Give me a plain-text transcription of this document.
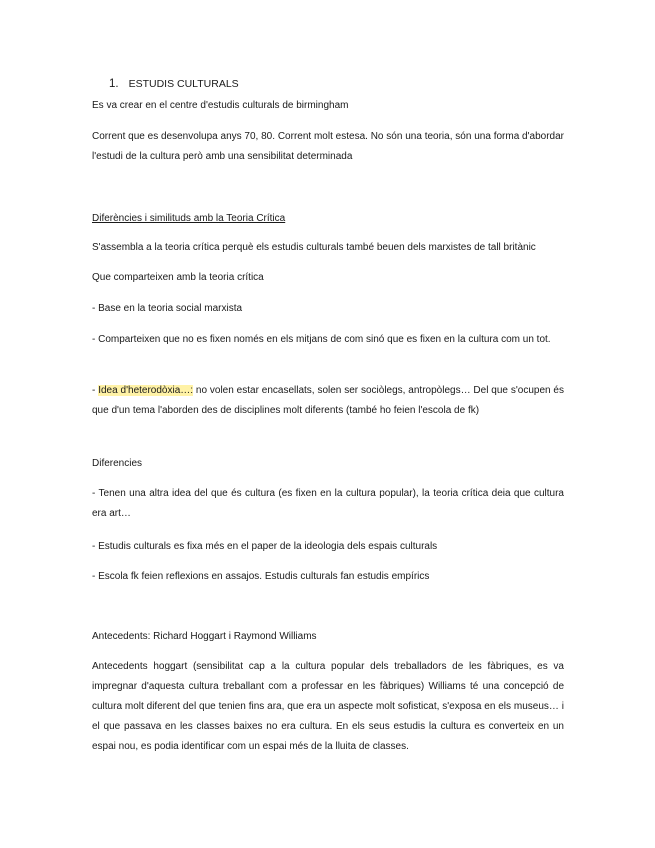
1. ESTUDIS CULTURALS

Es va crear en el centre d'estudis culturals de birmingham

Corrent que es desenvolupa anys 70, 80. Corrent molt estesa. No són una teoria, són una forma d'abordar l'estudi de la cultura però amb una sensibilitat determinada

Diferències i similituds amb la Teoria Crítica

S'assembla a la teoria crítica perquè els estudis culturals també beuen dels marxistes de tall britànic

Que comparteixen amb la teoria crítica

- Base en la teoria social marxista

- Comparteixen que no es fixen només en els mitjans de com sinó que es fixen en la cultura com un tot.

- Idea d'heterodòxia…: no volen estar encasellats, solen ser sociòlegs, antropòlegs… Del que s'ocupen és que d'un tema l'aborden des de disciplines molt diferents (també ho feien l'escola de fk)

Diferencies

- Tenen una altra idea del que és cultura (es fixen en la cultura popular), la teoria crítica deia que cultura era art…

- Estudis culturals es fixa més en el paper de la ideologia dels espais culturals

- Escola fk feien reflexions en assajos. Estudis culturals fan estudis empírics

Antecedents: Richard Hoggart i Raymond Williams

Antecedents hoggart (sensibilitat cap a la cultura popular dels treballadors de les fàbriques, es va impregnar d'aquesta cultura treballant com a professar en les fàbriques) Williams té una concepció de cultura molt diferent del que tenien fins ara, que era un aspecte molt sofisticat, s'exposa en els museus… i el que passava en les classes baixes no era cultura. En els seus estudis la cultura es converteix en un espai nou, es podia identificar com un espai més de la lluita de classes.
